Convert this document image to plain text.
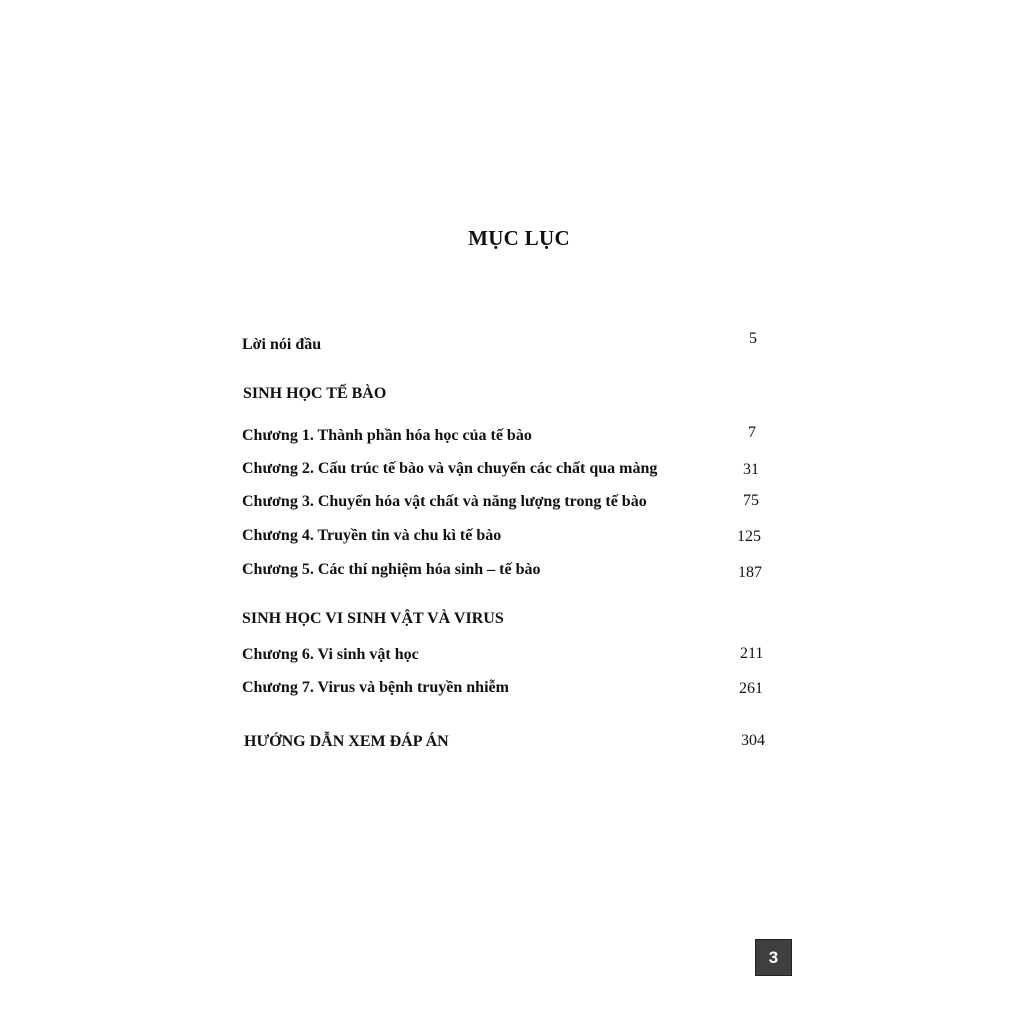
MỤC LỤC
Lời nói đầu	5
SINH HỌC TẾ BÀO
Chương 1. Thành phần hóa học của tế bào	7
Chương 2. Cấu trúc tế bào và vận chuyển các chất qua màng	31
Chương 3. Chuyển hóa vật chất và năng lượng trong tế bào	75
Chương 4. Truyền tin và chu kì tế bào	125
Chương 5. Các thí nghiệm hóa sinh – tế bào	187
SINH HỌC VI SINH VẬT VÀ VIRUS
Chương 6. Vi sinh vật học	211
Chương 7. Virus và bệnh truyền nhiễm	261
HƯỚNG DẪN XEM ĐÁP ÁN	304
3
